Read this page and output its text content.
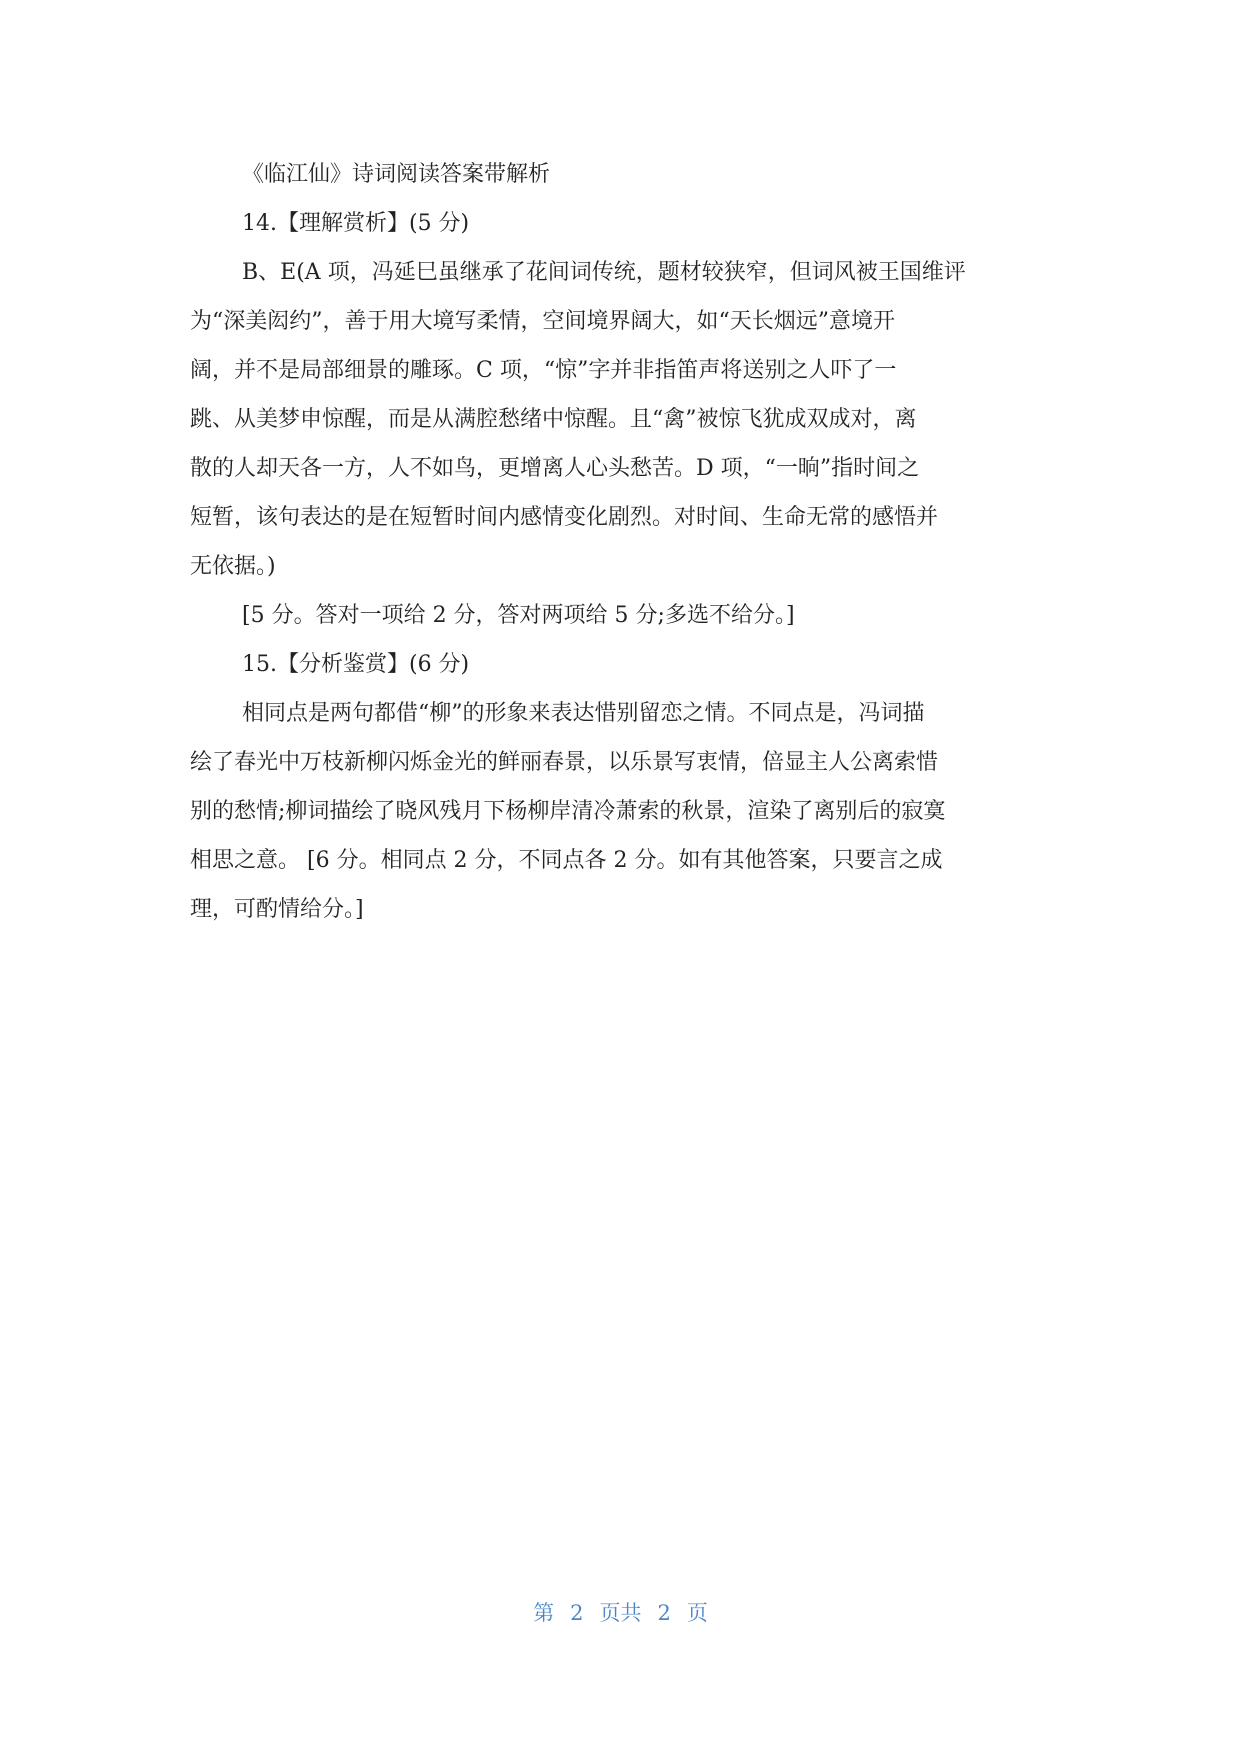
《临江仙》诗词阅读答案带解析
14.【理解赏析】(5 分)
B、E(A 项，冯延巳虽继承了花间词传统，题材较狭窄，但词风被王国维评
为“深美闳约”，善于用大境写柔情，空间境界阔大，如“天长烟远”意境开
阔，并不是局部细景的雕琢。C 项，“惊”字并非指笛声将送别之人吓了一
跳、从美梦申惊醒，而是从满腔愁绪中惊醒。且“禽”被惊飞犹成双成对，离
散的人却天各一方，人不如鸟，更增离人心头愁苦。D 项，“一晌”指时间之
短暂，该句表达的是在短暂时间内感情变化剧烈。对时间、生命无常的感悟并
无依据。)
[5 分。答对一项给 2 分，答对两项给 5 分;多选不给分。]
15.【分析鉴赏】(6 分)
相同点是两句都借“柳”的形象来表达惜别留恋之情。不同点是，冯词描
绘了春光中万枝新柳闪烁金光的鲜丽春景，以乐景写衷情，倍显主人公离索惜
别的愁情;柳词描绘了晓风残月下杨柳岸清冷萧索的秋景，渲染了离别后的寂寞
相思之意。 [6 分。相同点 2 分，不同点各 2 分。如有其他答案，只要言之成
理，可酌情给分。]
第 2 页共 2 页
